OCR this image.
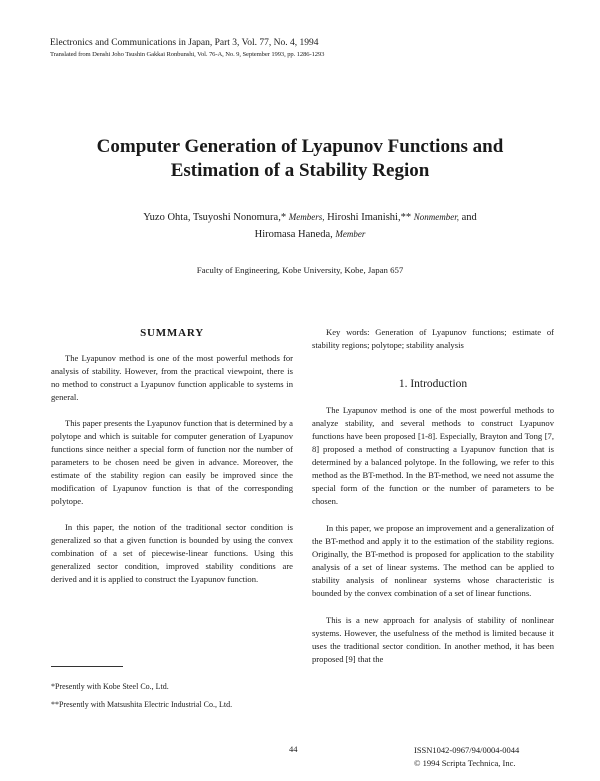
Electronics and Communications in Japan, Part 3, Vol. 77, No. 4, 1994
Translated from Denshi Joho Tsushin Gakkai Ronbunshi, Vol. 76-A, No. 9, September 1993, pp. 1286-1293
Computer Generation of Lyapunov Functions and
Estimation of a Stability Region
Yuzo Ohta, Tsuyoshi Nonomura,* Members, Hiroshi Imanishi,** Nonmember, and
Hiromasa Haneda, Member
Faculty of Engineering, Kobe University, Kobe, Japan 657
SUMMARY

The Lyapunov method is one of the most powerful methods for analysis of stability. However, from the practical viewpoint, there is no method to construct a Lyapunov function applicable to systems in general.

This paper presents the Lyapunov function that is determined by a polytope and which is suitable for computer generation of Lyapunov functions since neither a special form of function nor the number of parameters to be chosen need be given in advance. Moreover, the estimate of the stability region can easily be improved since the modification of Lyapunov function is that of the corresponding polytope.

In this paper, the notion of the traditional sector condition is generalized so that a given function is bounded by using the convex combination of a set of piecewise-linear functions. Using this generalized sector condition, improved stability conditions are derived and it is applied to construct the Lyapunov function.

*Presently with Kobe Steel Co., Ltd.
**Presently with Matsushita Electric Industrial Co., Ltd.

Key words: Generation of Lyapunov functions; estimate of stability regions; polytope; stability analysis

1. Introduction

The Lyapunov method is one of the most powerful methods to analyze stability, and several methods to construct Lyapunov functions have been proposed [1-8]. Especially, Brayton and Tong [7, 8] proposed a method of constructing a Lyapunov function that is determined by a balanced polytope. In the following, we refer to this method as the BT-method. In the BT-method, we need not assume the special form of the function or the number of parameters to be chosen.

In this paper, we propose an improvement and a generalization of the BT-method and apply it to the estimation of the stability regions. Originally, the BT-method is proposed for application to the stability analysis of a set of linear systems. The method can be applied to stability analysis of nonlinear systems whose characteristic is bounded by the convex combination of a set of linear functions.

This is a new approach for analysis of stability of nonlinear systems. However, the usefulness of the method is limited because it uses the traditional sector condition. In another method, it has been proposed [9] that the

44	ISSN1042-0967/94/0004-0044
© 1994 Scripta Technica, Inc.
